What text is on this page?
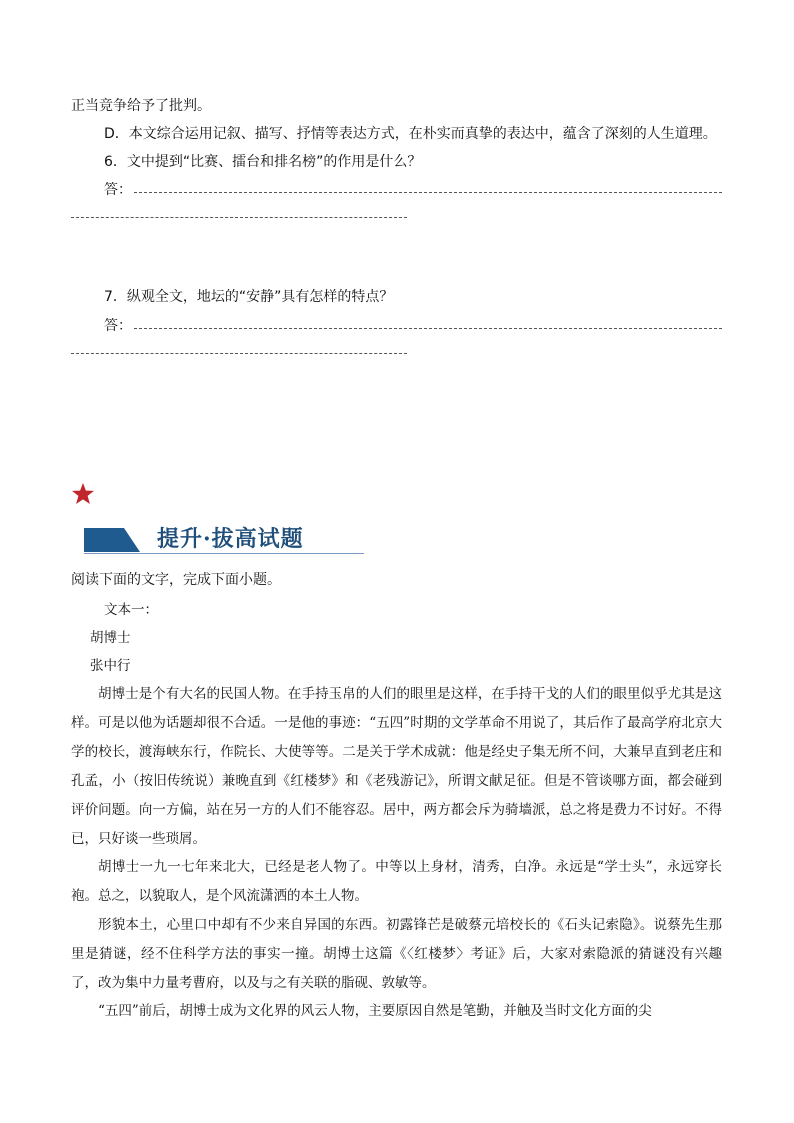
正当竞争给予了批判。
D．本文综合运用记叙、描写、抒情等表达方式，在朴实而真挚的表达中，蕴含了深刻的人生道理。
6．文中提到“比赛、擂台和排名榜”的作用是什么？
答：
7．纵观全文，地坛的“安静”具有怎样的特点？
答：
提升·拔高试题
阅读下面的文字，完成下面小题。
文本一：
胡博士
张中行
胡博士是个有大名的民国人物。在手持玉帛的人们的眼里是这样，在手持干戈的人们的眼里似乎尤其是这样。可是以他为话题却很不合适。一是他的事迹：“五四”时期的文学革命不用说了，其后作了最高学府北京大学的校长，渡海峡东行，作院长、大使等等。二是关于学术成就：他是经史子集无所不问，大兼早直到老庄和孔孟，小（按旧传统说）兼晚直到《红楼梦》和《老残游记》，所谓文献足征。但是不管谈哪方面，都会碰到评价问题。向一方偏，站在另一方的人们不能容忍。居中，两方都会斥为骑墙派，总之将是费力不讨好。不得已，只好谈一些琐屑。
胡博士一九一七年来北大，已经是老人物了。中等以上身材，清秀，白净。永远是“学士头”，永远穿长袍。总之，以貌取人，是个风流潇洒的本土人物。
形貌本土，心里口中却有不少来自异国的东西。初露锋芒是破蔡元培校长的《石头记索隐》。说蔡先生那里是猜谜，经不住科学方法的事实一撞。胡博士这篇《〈红楼梦〉考证》后，大家对索隐派的猜谜没有兴趣了，改为集中力量考曹府，以及与之有关联的脂砚、敦敏等。
“五四”前后，胡博士成为文化界的风云人物，主要原因自然是笔勤，并触及当时文化方面的尖
